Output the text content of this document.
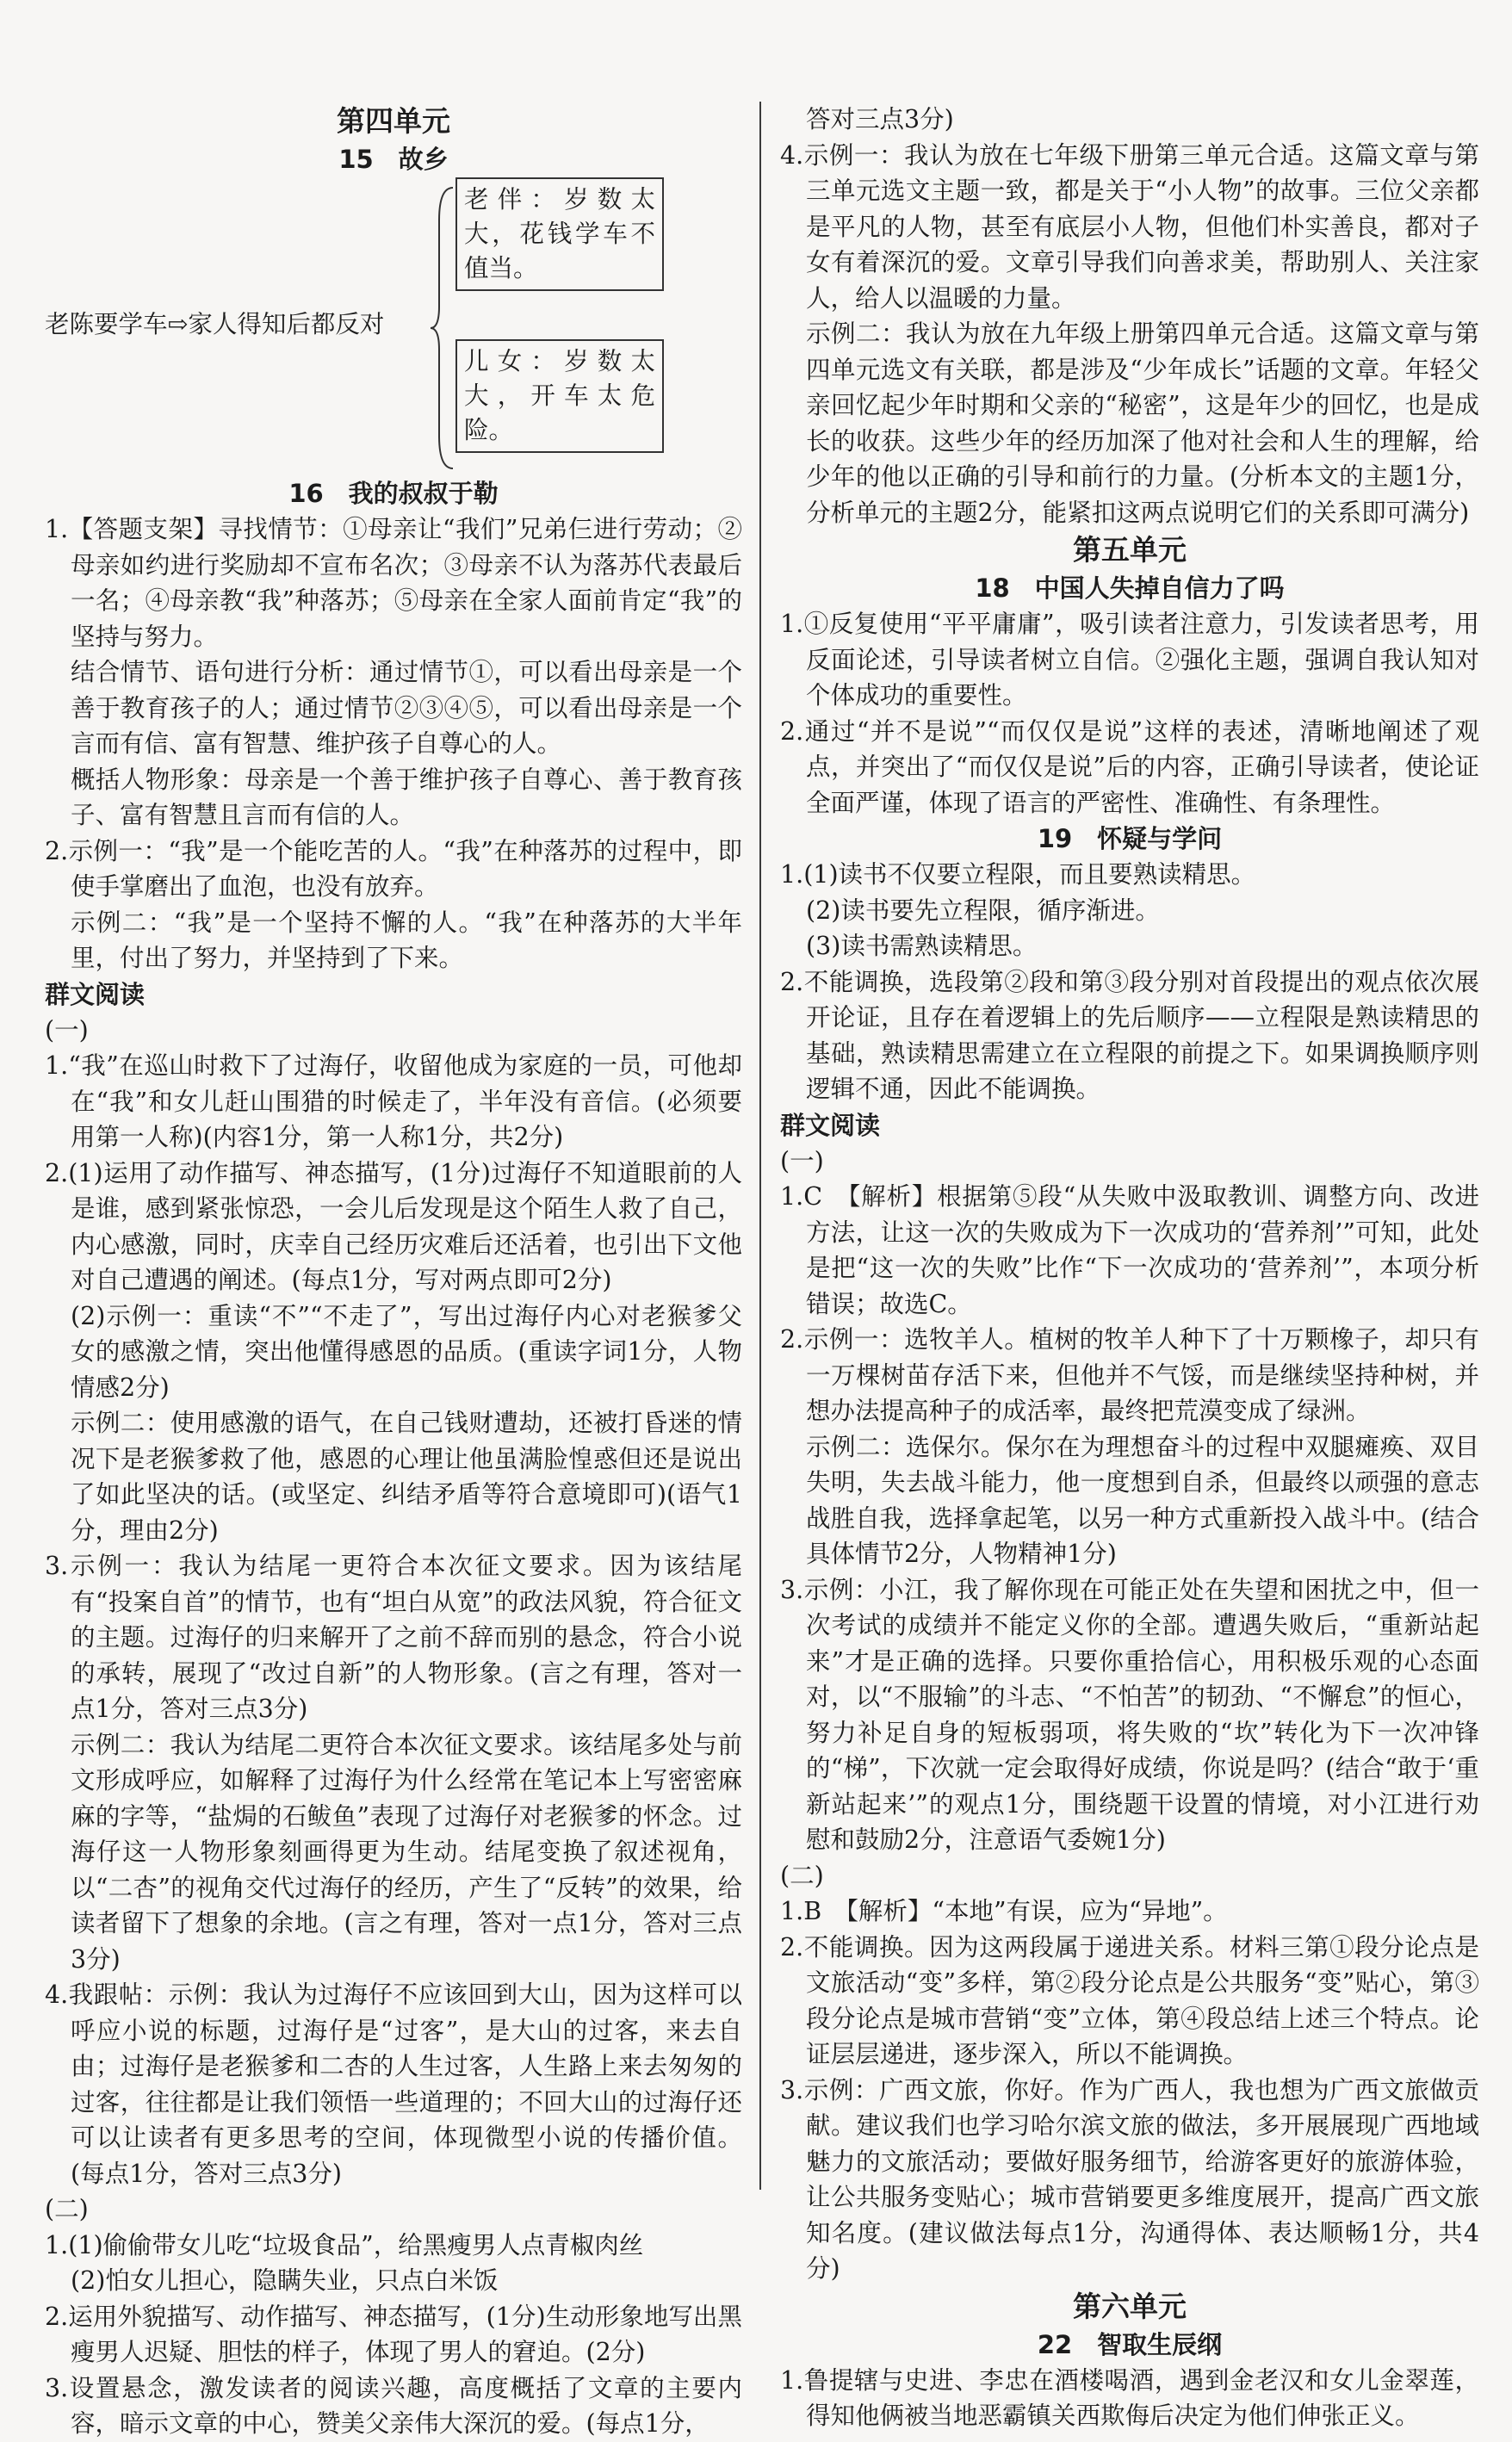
第四单元
15　故乡
老陈要学车⇨家人得知后都反对
老伴：岁数太大，花钱学车不值当。
儿女：岁数太大，开车太危险。
16　我的叔叔于勒
1.【答题支架】寻找情节：①母亲让“我们”兄弟仨进行劳动；②母亲如约进行奖励却不宣布名次；③母亲不认为落苏代表最后一名；④母亲教“我”种落苏；⑤母亲在全家人面前肯定“我”的坚持与努力。
结合情节、语句进行分析：通过情节①，可以看出母亲是一个善于教育孩子的人；通过情节②③④⑤，可以看出母亲是一个言而有信、富有智慧、维护孩子自尊心的人。
概括人物形象：母亲是一个善于维护孩子自尊心、善于教育孩子、富有智慧且言而有信的人。
2.示例一：“我”是一个能吃苦的人。“我”在种落苏的过程中，即使手掌磨出了血泡，也没有放弃。
示例二：“我”是一个坚持不懈的人。“我”在种落苏的大半年里，付出了努力，并坚持到了下来。
群文阅读
(一)
1.“我”在巡山时救下了过海仔，收留他成为家庭的一员，可他却在“我”和女儿赶山围猎的时候走了，半年没有音信。(必须要用第一人称)(内容1分，第一人称1分，共2分)
2.(1)运用了动作描写、神态描写，(1分)过海仔不知道眼前的人是谁，感到紧张惊恐，一会儿后发现是这个陌生人救了自己，内心感激，同时，庆幸自己经历灾难后还活着，也引出下文他对自己遭遇的阐述。(每点1分，写对两点即可2分)
(2)示例一：重读“不”“不走了”，写出过海仔内心对老猴爹父女的感激之情，突出他懂得感恩的品质。(重读字词1分，人物情感2分)
示例二：使用感激的语气，在自己钱财遭劫，还被打昏迷的情况下是老猴爹救了他，感恩的心理让他虽满脸惶惑但还是说出了如此坚决的话。(或坚定、纠结矛盾等符合意境即可)(语气1分，理由2分)
3.示例一：我认为结尾一更符合本次征文要求。因为该结尾有“投案自首”的情节，也有“坦白从宽”的政法风貌，符合征文的主题。过海仔的归来解开了之前不辞而别的悬念，符合小说的承转，展现了“改过自新”的人物形象。(言之有理，答对一点1分，答对三点3分)
示例二：我认为结尾二更符合本次征文要求。该结尾多处与前文形成呼应，如解释了过海仔为什么经常在笔记本上写密密麻麻的字等，“盐焗的石鲅鱼”表现了过海仔对老猴爹的怀念。过海仔这一人物形象刻画得更为生动。结尾变换了叙述视角，以“二杏”的视角交代过海仔的经历，产生了“反转”的效果，给读者留下了想象的余地。(言之有理，答对一点1分，答对三点3分)
4.我跟帖：示例：我认为过海仔不应该回到大山，因为这样可以呼应小说的标题，过海仔是“过客”，是大山的过客，来去自由；过海仔是老猴爹和二杏的人生过客，人生路上来去匆匆的过客，往往都是让我们领悟一些道理的；不回大山的过海仔还可以让读者有更多思考的空间，体现微型小说的传播价值。(每点1分，答对三点3分)
(二)
1.(1)偷偷带女儿吃“垃圾食品”，给黑瘦男人点青椒肉丝
(2)怕女儿担心，隐瞒失业，只点白米饭
2.运用外貌描写、动作描写、神态描写，(1分)生动形象地写出黑瘦男人迟疑、胆怯的样子，体现了男人的窘迫。(2分)
3.设置悬念，激发读者的阅读兴趣，高度概括了文章的主要内容，暗示文章的中心，赞美父亲伟大深沉的爱。(每点1分，
答对三点3分)
4.示例一：我认为放在七年级下册第三单元合适。这篇文章与第三单元选文主题一致，都是关于“小人物”的故事。三位父亲都是平凡的人物，甚至有底层小人物，但他们朴实善良，都对子女有着深沉的爱。文章引导我们向善求美，帮助别人、关注家人，给人以温暖的力量。
示例二：我认为放在九年级上册第四单元合适。这篇文章与第四单元选文有关联，都是涉及“少年成长”话题的文章。年轻父亲回忆起少年时期和父亲的“秘密”，这是年少的回忆，也是成长的收获。这些少年的经历加深了他对社会和人生的理解，给少年的他以正确的引导和前行的力量。(分析本文的主题1分，分析单元的主题2分，能紧扣这两点说明它们的关系即可满分)
第五单元
18　中国人失掉自信力了吗
1.①反复使用“平平庸庸”，吸引读者注意力，引发读者思考，用反面论述，引导读者树立自信。②强化主题，强调自我认知对个体成功的重要性。
2.通过“并不是说”“而仅仅是说”这样的表述，清晰地阐述了观点，并突出了“而仅仅是说”后的内容，正确引导读者，使论证全面严谨，体现了语言的严密性、准确性、有条理性。
19　怀疑与学问
1.(1)读书不仅要立程限，而且要熟读精思。
(2)读书要先立程限，循序渐进。
(3)读书需熟读精思。
2.不能调换，选段第②段和第③段分别对首段提出的观点依次展开论证，且存在着逻辑上的先后顺序——立程限是熟读精思的基础，熟读精思需建立在立程限的前提之下。如果调换顺序则逻辑不通，因此不能调换。
群文阅读
(一)
1.C　【解析】根据第⑤段“从失败中汲取教训、调整方向、改进方法，让这一次的失败成为下一次成功的‘营养剂’”可知，此处是把“这一次的失败”比作“下一次成功的‘营养剂’”，本项分析错误；故选C。
2.示例一：选牧羊人。植树的牧羊人种下了十万颗橡子，却只有一万棵树苗存活下来，但他并不气馁，而是继续坚持种树，并想办法提高种子的成活率，最终把荒漠变成了绿洲。
示例二：选保尔。保尔在为理想奋斗的过程中双腿瘫痪、双目失明，失去战斗能力，他一度想到自杀，但最终以顽强的意志战胜自我，选择拿起笔，以另一种方式重新投入战斗中。(结合具体情节2分，人物精神1分)
3.示例：小江，我了解你现在可能正处在失望和困扰之中，但一次考试的成绩并不能定义你的全部。遭遇失败后，“重新站起来”才是正确的选择。只要你重拾信心，用积极乐观的心态面对，以“不服输”的斗志、“不怕苦”的韧劲、“不懈怠”的恒心，努力补足自身的短板弱项，将失败的“坎”转化为下一次冲锋的“梯”，下次就一定会取得好成绩，你说是吗？(结合“敢于‘重新站起来’”的观点1分，围绕题干设置的情境，对小江进行劝慰和鼓励2分，注意语气委婉1分)
(二)
1.B　【解析】“本地”有误，应为“异地”。
2.不能调换。因为这两段属于递进关系。材料三第①段分论点是文旅活动“变”多样，第②段分论点是公共服务“变”贴心，第③段分论点是城市营销“变”立体，第④段总结上述三个特点。论证层层递进，逐步深入，所以不能调换。
3.示例：广西文旅，你好。作为广西人，我也想为广西文旅做贡献。建议我们也学习哈尔滨文旅的做法，多开展展现广西地域魅力的文旅活动；要做好服务细节，给游客更好的旅游体验，让公共服务变贴心；城市营销要更多维度展开，提高广西文旅知名度。(建议做法每点1分，沟通得体、表达顺畅1分，共4分)
第六单元
22　智取生辰纲
1.鲁提辖与史进、李忠在酒楼喝酒，遇到金老汉和女儿金翠莲，得知他俩被当地恶霸镇关西欺侮后决定为他们伸张正义。
